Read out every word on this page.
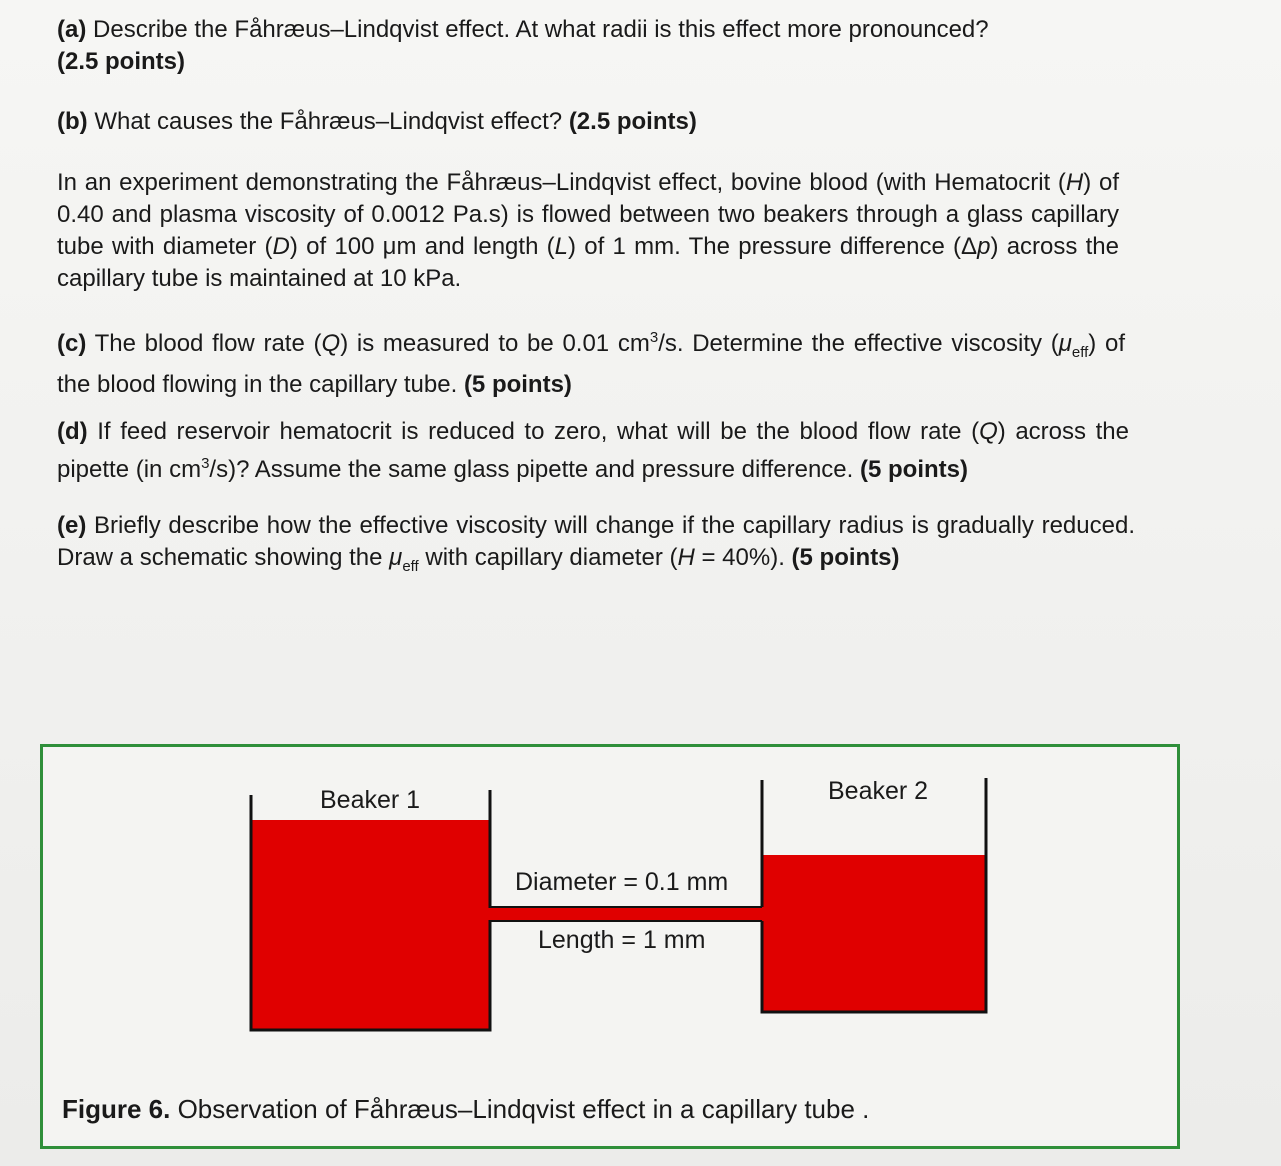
(a) Describe the Fåhræus–Lindqvist effect. At what radii is this effect more pronounced?
(2.5 points)
(b) What causes the Fåhræus–Lindqvist effect? (2.5 points)
In an experiment demonstrating the Fåhræus–Lindqvist effect, bovine blood (with Hematocrit (H) of 0.40 and plasma viscosity of 0.0012 Pa.s) is flowed between two beakers through a glass capillary tube with diameter (D) of 100 μm and length (L) of 1 mm. The pressure difference (Δp) across the capillary tube is maintained at 10 kPa.
(c) The blood flow rate (Q) is measured to be 0.01 $cm^3/s$. Determine the effective viscosity $(\mu_{eff})$ of the blood flowing in the capillary tube. (5 points)
(d) If feed reservoir hematocrit is reduced to zero, what will be the blood flow rate (Q) across the pipette (in $cm^3/s$)? Assume the same glass pipette and pressure difference. (5 points)
(e) Briefly describe how the effective viscosity will change if the capillary radius is gradually reduced. Draw a schematic showing the $\mu_{eff}$ with capillary diameter (H = 40%). (5 points)
Beaker 1	Beaker 2
Diameter = 0.1 mm
Length = 1 mm
Figure 6. Observation of Fåhræus–Lindqvist effect in a capillary tube .
